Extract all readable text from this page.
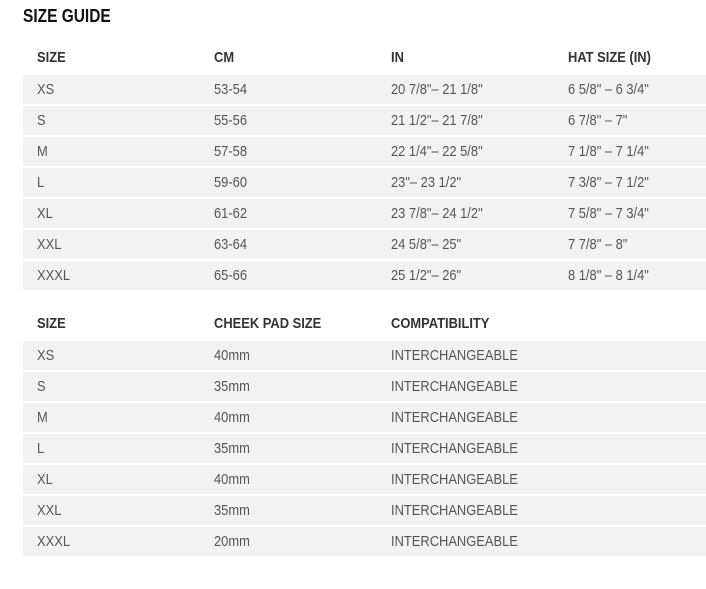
SIZE GUIDE
SIZE	CM	IN	HAT SIZE (IN)
XS	53-54	20 7/8"– 21 1/8"	6 5/8" – 6 3/4"
S	55-56	21 1/2"– 21 7/8"	6 7/8" – 7"
M	57-58	22 1/4"– 22 5/8"	7 1/8" – 7 1/4"
L	59-60	23"– 23 1/2"	7 3/8" – 7 1/2"
XL	61-62	23 7/8"– 24 1/2"	7 5/8" – 7 3/4"
XXL	63-64	24 5/8"– 25"	7 7/8" – 8"
XXXL	65-66	25 1/2"– 26"	8 1/8" – 8 1/4"
SIZE	CHEEK PAD SIZE	COMPATIBILITY	
XS	40mm	INTERCHANGEABLE	
S	35mm	INTERCHANGEABLE	
M	40mm	INTERCHANGEABLE	
L	35mm	INTERCHANGEABLE	
XL	40mm	INTERCHANGEABLE	
XXL	35mm	INTERCHANGEABLE	
XXXL	20mm	INTERCHANGEABLE	
